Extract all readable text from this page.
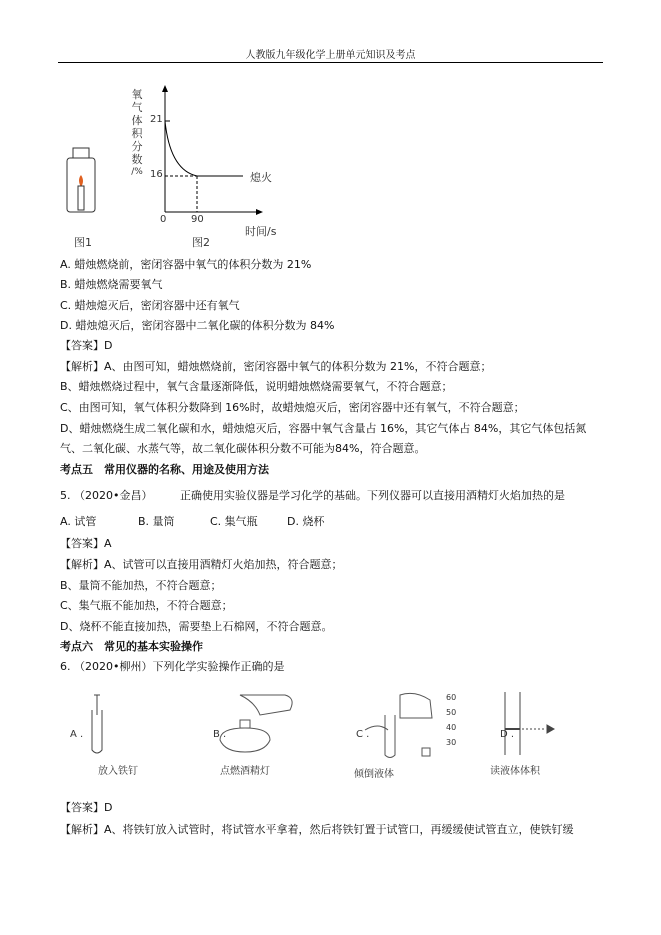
人教版九年级化学上册单元知识及考点
氧
气
体
积
分
数
/%
21
16
0 90
时间/s
熄火
图1	图2
A. 蜡烛燃烧前，密闭容器中氧气的体积分数为 21%
B. 蜡烛燃烧需要氧气
C. 蜡烛熄灭后，密闭容器中还有氧气
D. 蜡烛熄灭后，密闭容器中二氧化碳的体积分数为 84%
【答案】D
【解析】A、由图可知，蜡烛燃烧前，密闭容器中氧气的体积分数为 21%，不符合题意；
B、蜡烛燃烧过程中，氧气含量逐渐降低，说明蜡烛燃烧需要氧气，不符合题意；
C、由图可知，氧气体积分数降到 16%时，故蜡烛熄灭后，密闭容器中还有氧气，不符合题意；
D、蜡烛燃烧生成二氧化碳和水，蜡烛熄灭后，容器中氧气含量占 16%，其它气体占 84%，其它气体包括氮
气、二氧化碳、水蒸气等，故二氧化碳体积分数不可能为84%，符合题意。
考点五　常用仪器的名称、用途及使用方法
5. （2020•金昌）　　　正确使用实验仪器是学习化学的基础。下列仪器可以直接用酒精灯火焰加热的是
A. 试管	B. 量筒	C. 集气瓶	D. 烧杯
【答案】A
【解析】A、试管可以直接用酒精灯火焰加热，符合题意；
B、量筒不能加热，不符合题意；
C、集气瓶不能加热，不符合题意；
D、烧杯不能直接加热，需要垫上石棉网，不符合题意。
考点六　常见的基本实验操作
6. （2020•柳州）下列化学实验操作正确的是
60
50
40
30
A .	B .	C .	D .
放入铁钉	点燃酒精灯	倾倒液体	读液体体积
【答案】D
【解析】A、将铁钉放入试管时，将试管水平拿着，然后将铁钉置于试管口，再缓缓使试管直立，使铁钉缓
